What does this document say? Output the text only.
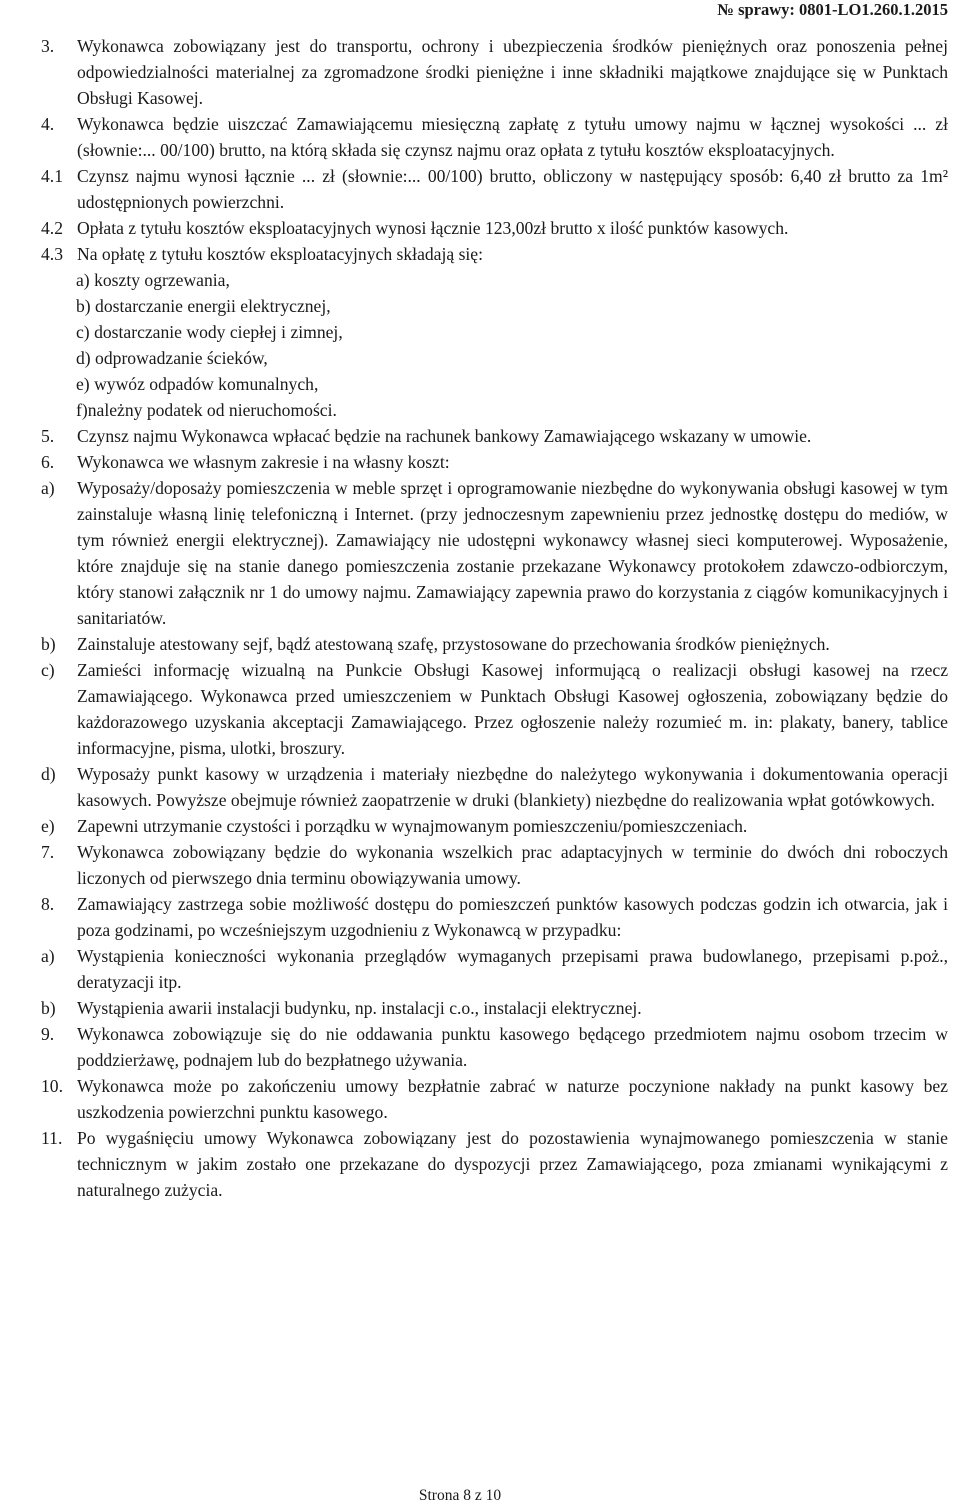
№ sprawy: 0801-LO1.260.1.2015
3.	Wykonawca zobowiązany jest do transportu, ochrony i ubezpieczenia środków pieniężnych oraz ponoszenia pełnej odpowiedzialności materialnej za zgromadzone środki pieniężne i inne składniki majątkowe znajdujące się w Punktach Obsługi Kasowej.
4.	Wykonawca będzie uiszczać Zamawiającemu miesięczną zapłatę z tytułu umowy najmu w łącznej wysokości ... zł (słownie:... 00/100) brutto, na którą składa się czynsz najmu oraz opłata z tytułu kosztów eksploatacyjnych.
4.1 Czynsz najmu wynosi łącznie ... zł (słownie:... 00/100) brutto, obliczony w następujący sposób: 6,40 zł brutto za 1m² udostępnionych powierzchni.
4.2 Opłata z tytułu kosztów eksploatacyjnych wynosi łącznie 123,00zł brutto x ilość punktów kasowych.
4.3 Na opłatę z tytułu kosztów eksploatacyjnych składają się:
a) koszty ogrzewania,
b) dostarczanie energii elektrycznej,
c) dostarczanie wody ciepłej i zimnej,
d) odprowadzanie ścieków,
e) wywóz odpadów komunalnych,
f)należny podatek od nieruchomości.
5.	Czynsz najmu Wykonawca wpłacać będzie na rachunek bankowy Zamawiającego wskazany w umowie.
6.	Wykonawca we własnym zakresie i na własny koszt:
a)	Wyposaży/doposaży pomieszczenia w meble sprzęt i oprogramowanie niezbędne do wykonywania obsługi kasowej w tym zainstaluje własną linię telefoniczną i Internet. (przy jednoczesnym zapewnieniu przez jednostkę dostępu do mediów, w tym również energii elektrycznej). Zamawiający nie udostępni wykonawcy własnej sieci komputerowej. Wyposażenie, które znajduje się na stanie danego pomieszczenia zostanie przekazane Wykonawcy protokołem zdawczo-odbiorczym, który stanowi załącznik nr 1 do umowy najmu. Zamawiający zapewnia prawo do korzystania z ciągów komunikacyjnych i sanitariatów.
b)	Zainstaluje atestowany sejf, bądź atestowaną szafę, przystosowane do przechowania środków pieniężnych.
c)	Zamieści informację wizualną na Punkcie Obsługi Kasowej informującą o realizacji obsługi kasowej na rzecz Zamawiającego. Wykonawca przed umieszczeniem w Punktach Obsługi Kasowej ogłoszenia, zobowiązany będzie do każdorazowego uzyskania akceptacji Zamawiającego. Przez ogłoszenie należy rozumieć m. in: plakaty, banery, tablice informacyjne, pisma, ulotki, broszury.
d)	Wyposaży punkt kasowy w urządzenia i materiały niezbędne do należytego wykonywania i dokumentowania operacji kasowych. Powyższe obejmuje również zaopatrzenie w druki (blankiety) niezbędne do realizowania wpłat gotówkowych.
e)	Zapewni utrzymanie czystości i porządku w wynajmowanym pomieszczeniu/pomieszczeniach.
7.	Wykonawca zobowiązany będzie do wykonania wszelkich prac adaptacyjnych w terminie do dwóch dni roboczych liczonych od pierwszego dnia terminu obowiązywania umowy.
8.	Zamawiający zastrzega sobie możliwość dostępu do pomieszczeń punktów kasowych podczas godzin ich otwarcia, jak i poza godzinami, po wcześniejszym uzgodnieniu z Wykonawcą w przypadku:
a)	Wystąpienia konieczności wykonania przeglądów wymaganych przepisami prawa budowlanego, przepisami p.poż., deratyzacji itp.
b)	Wystąpienia awarii instalacji budynku, np. instalacji c.o., instalacji elektrycznej.
9.	Wykonawca zobowiązuje się do nie oddawania punktu kasowego będącego przedmiotem najmu osobom trzecim w poddzierżawę, podnajem lub do bezpłatnego używania.
10. Wykonawca może po zakończeniu umowy bezpłatnie zabrać w naturze poczynione nakłady na punkt kasowy bez uszkodzenia powierzchni punktu kasowego.
11. Po wygaśnięciu umowy Wykonawca zobowiązany jest do pozostawienia wynajmowanego pomieszczenia w stanie technicznym w jakim zostało one przekazane do dyspozycji przez Zamawiającego, poza zmianami wynikającymi z naturalnego zużycia.
Strona 8 z 10
